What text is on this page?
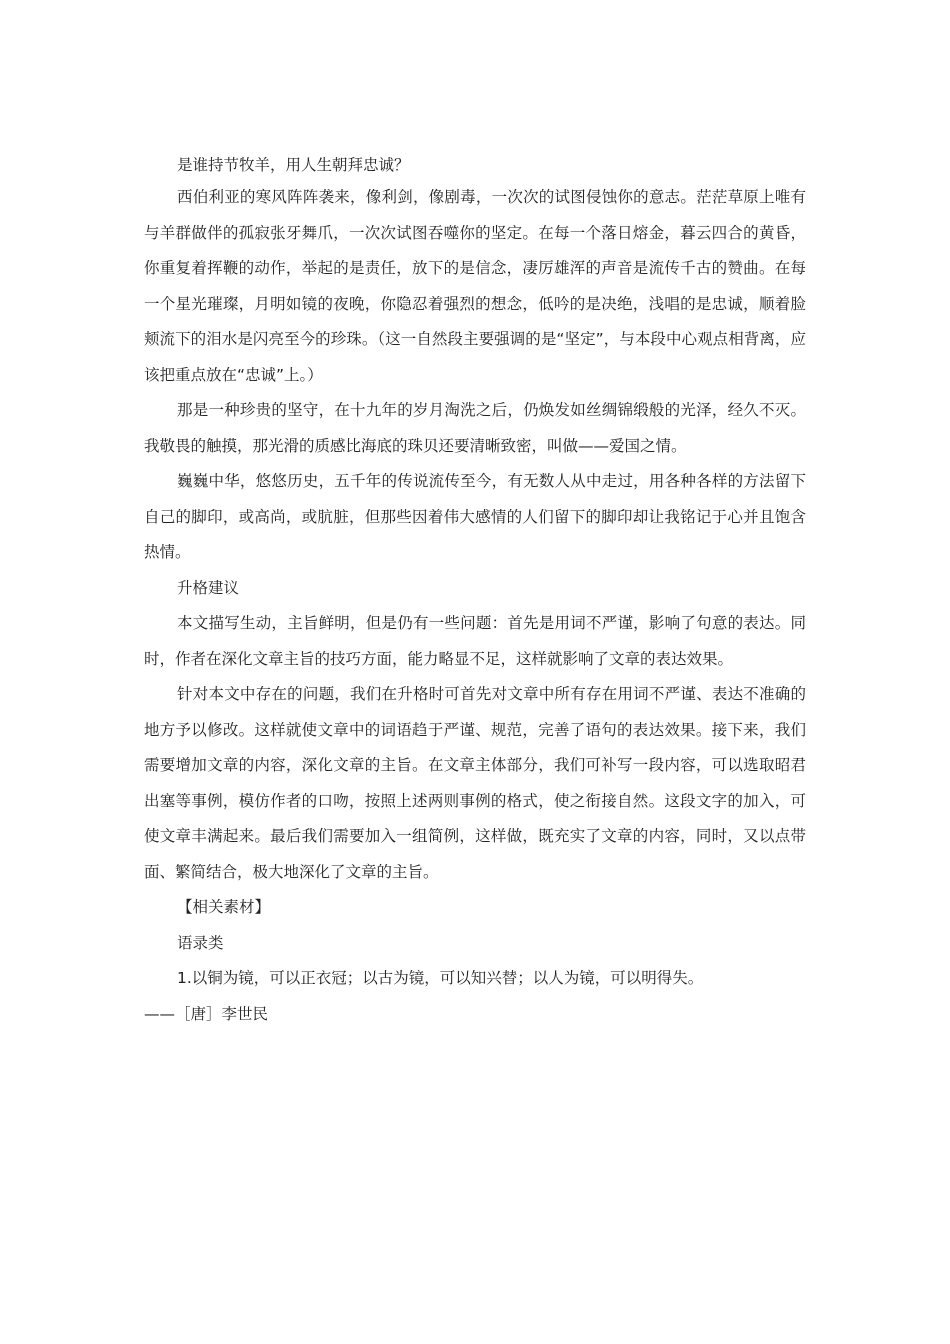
是谁持节牧羊，用人生朝拜忠诚？

西伯利亚的寒风阵阵袭来，像利剑，像剧毒，一次次的试图侵蚀你的意志。茫茫草原上唯有与羊群做伴的孤寂张牙舞爪，一次次试图吞噬你的坚定。在每一个落日熔金，暮云四合的黄昏，你重复着挥鞭的动作，举起的是责任，放下的是信念，凄厉雄浑的声音是流传千古的赞曲。在每一个星光璀璨，月明如镜的夜晚，你隐忍着强烈的想念，低吟的是决绝，浅唱的是忠诚，顺着脸颊流下的泪水是闪亮至今的珍珠。（这一自然段主要强调的是“坚定”，与本段中心观点相背离，应该把重点放在“忠诚”上。）

那是一种珍贵的坚守，在十九年的岁月淘洗之后，仍焕发如丝绸锦缎般的光泽，经久不灭。我敬畏的触摸，那光滑的质感比海底的珠贝还要清晰致密，叫做——爱国之情。

巍巍中华，悠悠历史，五千年的传说流传至今，有无数人从中走过，用各种各样的方法留下自己的脚印，或高尚，或肮脏，但那些因着伟大感情的人们留下的脚印却让我铭记于心并且饱含热情。

升格建议

本文描写生动，主旨鲜明，但是仍有一些问题：首先是用词不严谨，影响了句意的表达。同时，作者在深化文章主旨的技巧方面，能力略显不足，这样就影响了文章的表达效果。

针对本文中存在的问题，我们在升格时可首先对文章中所有存在用词不严谨、表达不准确的地方予以修改。这样就使文章中的词语趋于严谨、规范，完善了语句的表达效果。接下来，我们需要增加文章的内容，深化文章的主旨。在文章主体部分，我们可补写一段内容，可以选取昭君出塞等事例，模仿作者的口吻，按照上述两则事例的格式，使之衔接自然。这段文字的加入，可使文章丰满起来。最后我们需要加入一组简例，这样做，既充实了文章的内容，同时，又以点带面、繁简结合，极大地深化了文章的主旨。

【相关素材】

语录类

1.以铜为镜，可以正衣冠；以古为镜，可以知兴替；以人为镜，可以明得失。

——［唐］李世民
